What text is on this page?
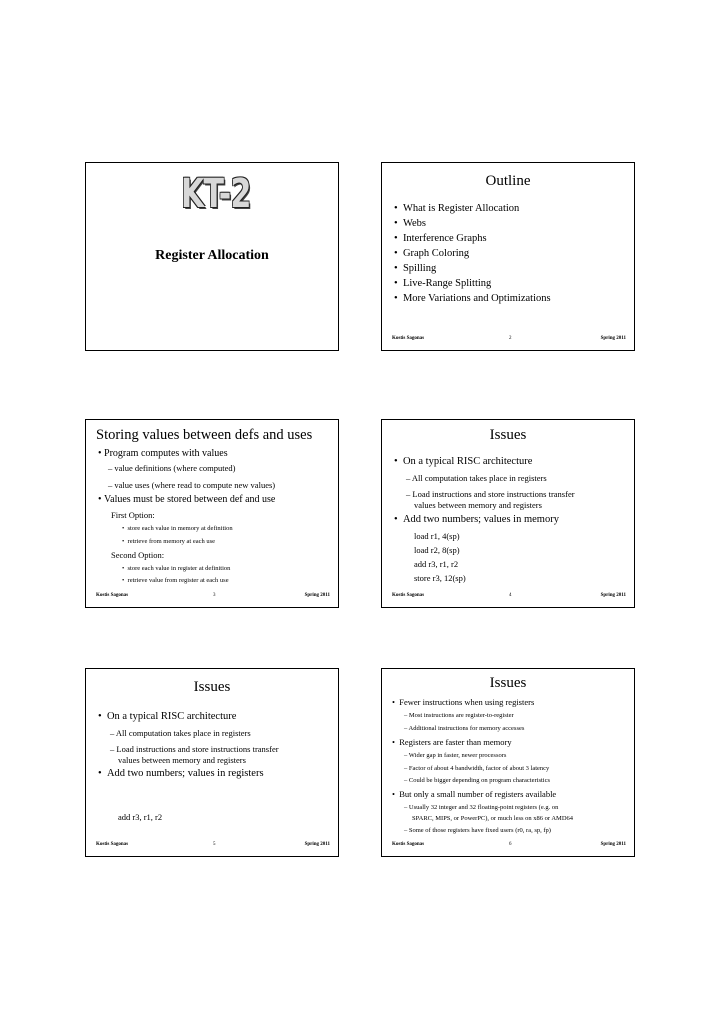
KT-2
Register Allocation
Outline
•  What is Register Allocation
•  Webs
•  Interference Graphs
•  Graph Coloring
•  Spilling
•  Live-Range Splitting
•  More Variations and Optimizations
Kostis Sagonas	2	Spring 2011
Storing values between defs and uses
• Program computes with values
– value definitions (where computed)
– value uses (where read to compute new values)
• Values must be stored between def and use
First Option:
•  store each value in memory at definition
•  retrieve from memory at each use
Second Option:
•  store each value in register at definition
•  retrieve value from register at each use
Kostis Sagonas	3	Spring 2011
Issues
•  On a typical RISC architecture
– All computation takes place in registers
– Load instructions and store instructions transfer
values between memory and registers
•  Add two numbers; values in memory
load r1, 4(sp)
load r2, 8(sp)
add r3, r1, r2
store r3, 12(sp)
Kostis Sagonas	4	Spring 2011
Issues
•  On a typical RISC architecture
– All computation takes place in registers
– Load instructions and store instructions transfer
values between memory and registers
•  Add two numbers; values in registers
add r3, r1, r2
Kostis Sagonas	5	Spring 2011
Issues
•  Fewer instructions when using registers
– Most instructions are register-to-register
– Additional instructions for memory accesses
•  Registers are faster than memory
– Wider gap in faster, newer processors
– Factor of about 4 bandwidth, factor of about 3 latency
– Could be bigger depending on program characteristics
•  But only a small number of registers available
– Usually 32 integer and 32 floating-point registers (e.g. on
SPARC, MIPS, or PowerPC), or much less on x86 or AMD64
– Some of those registers have fixed users (r0, ra, sp, fp)
Kostis Sagonas	6	Spring 2011
